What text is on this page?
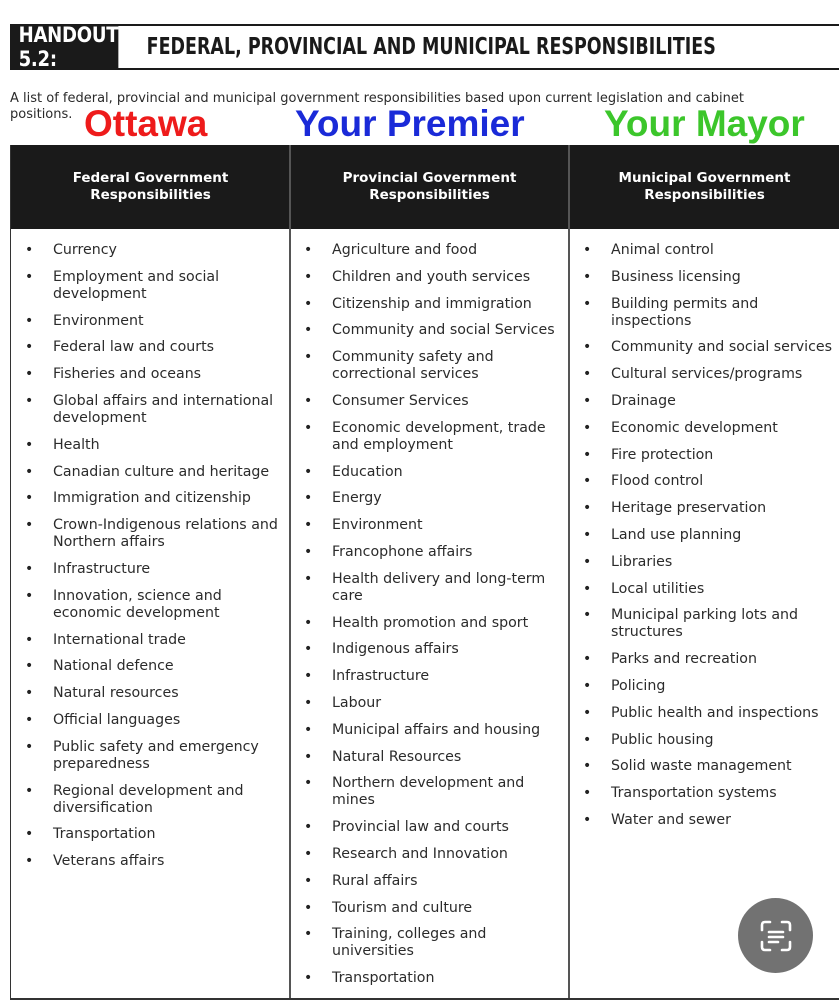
HANDOUT 5.2:	FEDERAL, PROVINCIAL AND MUNICIPAL RESPONSIBILITIES
A list of federal, provincial and municipal government responsibilities based upon current legislation and cabinet positions. Ottawa Your Premier Your Mayor
Federal Government Responsibilities
Provincial Government Responsibilities
Municipal Government Responsibilities
• Currency
• Employment and social development
• Environment
• Federal law and courts
• Fisheries and oceans
• Global affairs and international development
• Health
• Canadian culture and heritage
• Immigration and citizenship
• Crown-Indigenous relations and Northern affairs
• Infrastructure
• Innovation, science and economic development
• International trade
• National defence
• Natural resources
• Official languages
• Public safety and emergency preparedness
• Regional development and diversification
• Transportation
• Veterans affairs
• Agriculture and food
• Children and youth services
• Citizenship and immigration
• Community and social Services
• Community safety and correctional services
• Consumer Services
• Economic development, trade and employment
• Education
• Energy
• Environment
• Francophone affairs
• Health delivery and long-term care
• Health promotion and sport
• Indigenous affairs
• Infrastructure
• Labour
• Municipal affairs and housing
• Natural Resources
• Northern development and mines
• Provincial law and courts
• Research and Innovation
• Rural affairs
• Tourism and culture
• Training, colleges and universities
• Transportation
• Animal control
• Business licensing
• Building permits and inspections
• Community and social services
• Cultural services/programs
• Drainage
• Economic development
• Fire protection
• Flood control
• Heritage preservation
• Land use planning
• Libraries
• Local utilities
• Municipal parking lots and structures
• Parks and recreation
• Policing
• Public health and inspections
• Public housing
• Solid waste management
• Transportation systems
• Water and sewer
